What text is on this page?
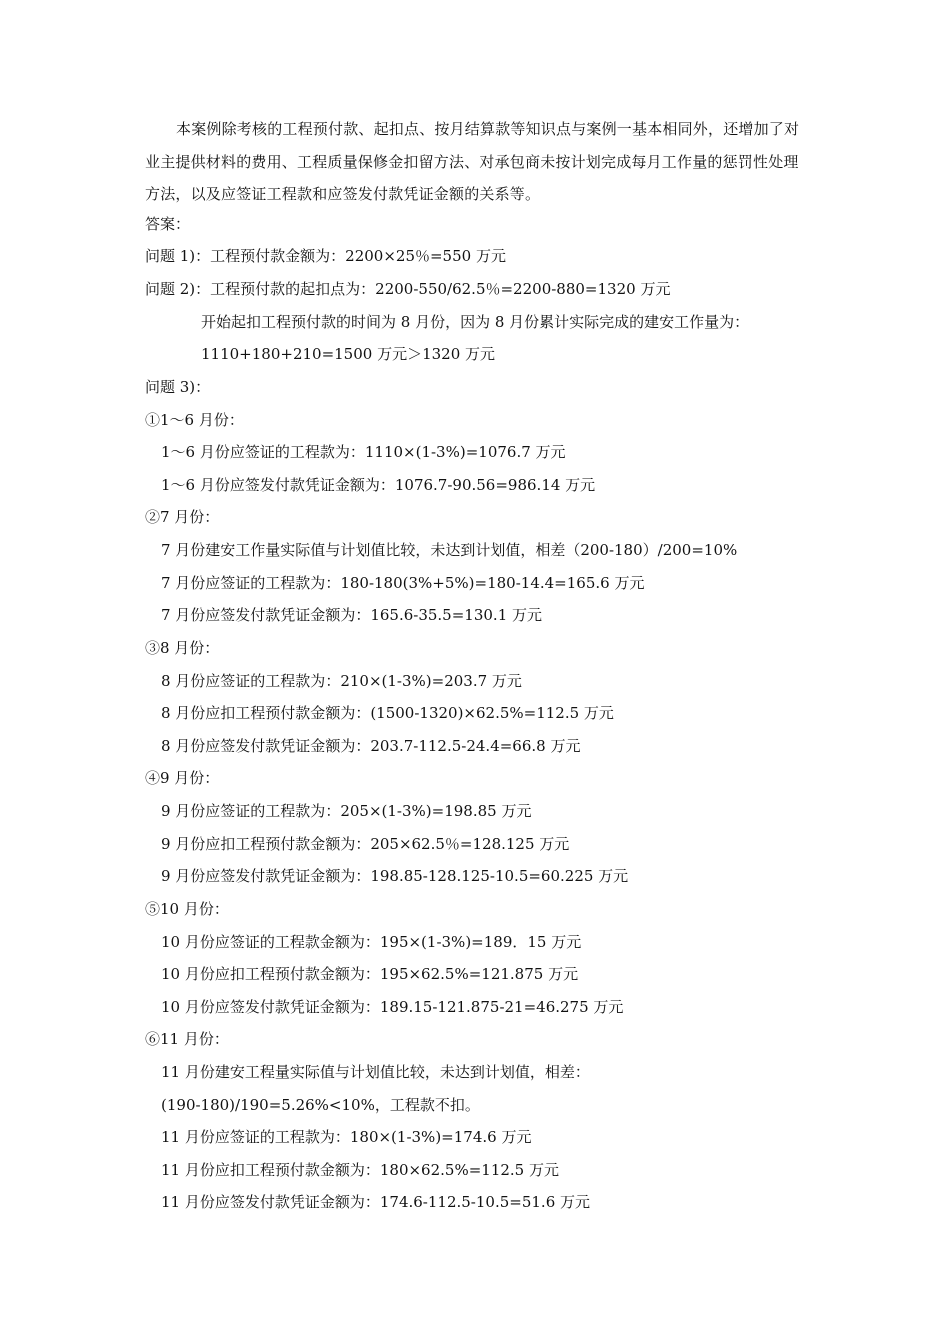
本案例除考核的工程预付款、起扣点、按月结算款等知识点与案例一基本相同外，还增加了对业主提供材料的费用、工程质量保修金扣留方法、对承包商未按计划完成每月工作量的惩罚性处理方法，以及应签证工程款和应签发付款凭证金额的关系等。

答案：

问题 1)：工程预付款金额为：2200×25％=550 万元

问题 2)：工程预付款的起扣点为：2200-550/62.5％=2200-880=1320 万元

开始起扣工程预付款的时间为 8 月份，因为 8 月份累计实际完成的建安工作量为：

1110+180+210=1500 万元＞1320 万元

问题 3)：

①1～6 月份：

1～6 月份应签证的工程款为：1110×(1-3%)=1076.7 万元

1～6 月份应签发付款凭证金额为：1076.7-90.56=986.14 万元

②7 月份：

7 月份建安工作量实际值与计划值比较，未达到计划值，相差（200-180）/200=10%

7 月份应签证的工程款为：180-180(3%+5%)=180-14.4=165.6 万元

7 月份应签发付款凭证金额为：165.6-35.5=130.1 万元

③8 月份：

8 月份应签证的工程款为：210×(1-3%)=203.7 万元

8 月份应扣工程预付款金额为：(1500-1320)×62.5%=112.5 万元

8 月份应签发付款凭证金额为：203.7-112.5-24.4=66.8 万元

④9 月份：

9 月份应签证的工程款为：205×(1-3%)=198.85 万元

9 月份应扣工程预付款金额为：205×62.5％=128.125 万元

9 月份应签发付款凭证金额为：198.85-128.125-10.5=60.225 万元

⑤10 月份：

10 月份应签证的工程款金额为：195×(1-3%)=189．15 万元

10 月份应扣工程预付款金额为：195×62.5%=121.875 万元

10 月份应签发付款凭证金额为：189.15-121.875-21=46.275 万元

⑥11 月份：

11 月份建安工程量实际值与计划值比较，未达到计划值，相差：

(190-180)/190=5.26%<10%，工程款不扣。

11 月份应签证的工程款为：180×(1-3%)=174.6 万元

11 月份应扣工程预付款金额为：180×62.5%=112.5 万元

11 月份应签发付款凭证金额为：174.6-112.5-10.5=51.6 万元
